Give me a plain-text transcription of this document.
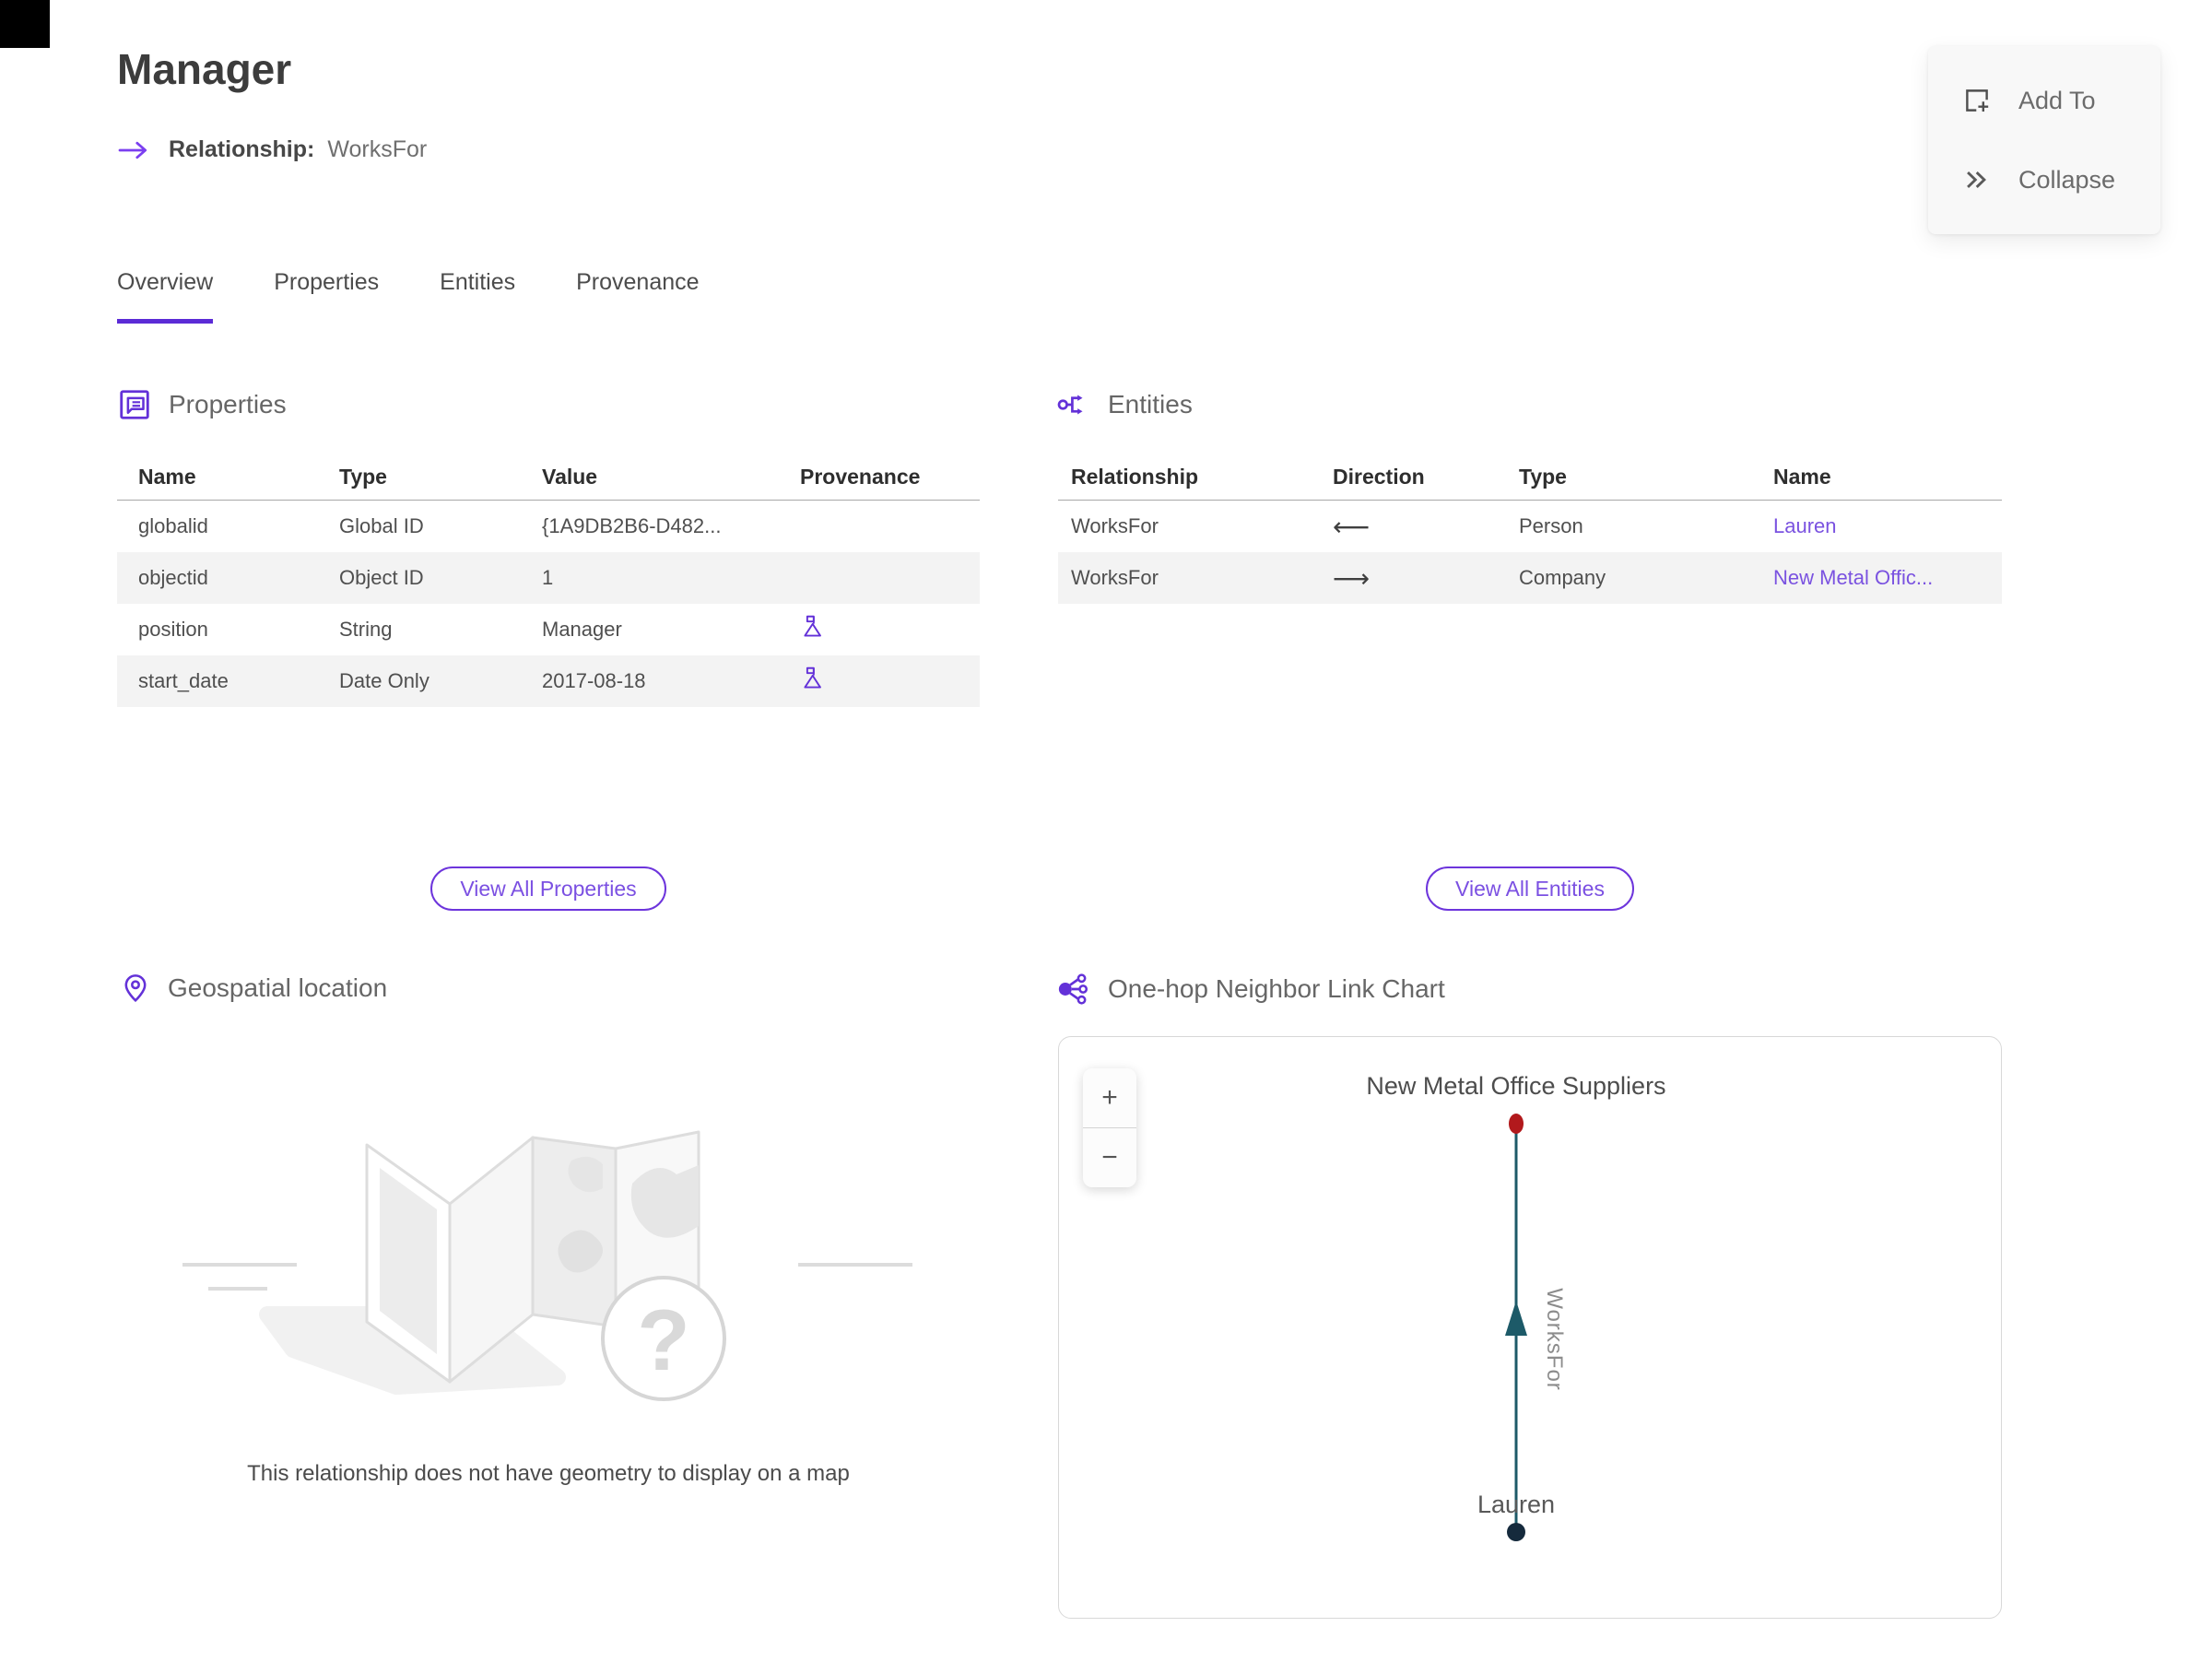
Manager
Relationship: WorksFor
Add To
Collapse
Overview	Properties	Entities	Provenance
Properties
Name	Type	Value	Provenance
globalid	Global ID	{1A9DB2B6-D482...
objectid	Object ID	1
position	String	Manager
start_date	Date Only	2017-08-18
Entities
Relationship	Direction	Type	Name
WorksFor	⟵	Person	Lauren
WorksFor	⟶	Company	New Metal Offic...
View All Properties	View All Entities
Geospatial location
?
This relationship does not have geometry to display on a map
One-hop Neighbor Link Chart
+
−
New Metal Office Suppliers
Lauren
WorksFor
